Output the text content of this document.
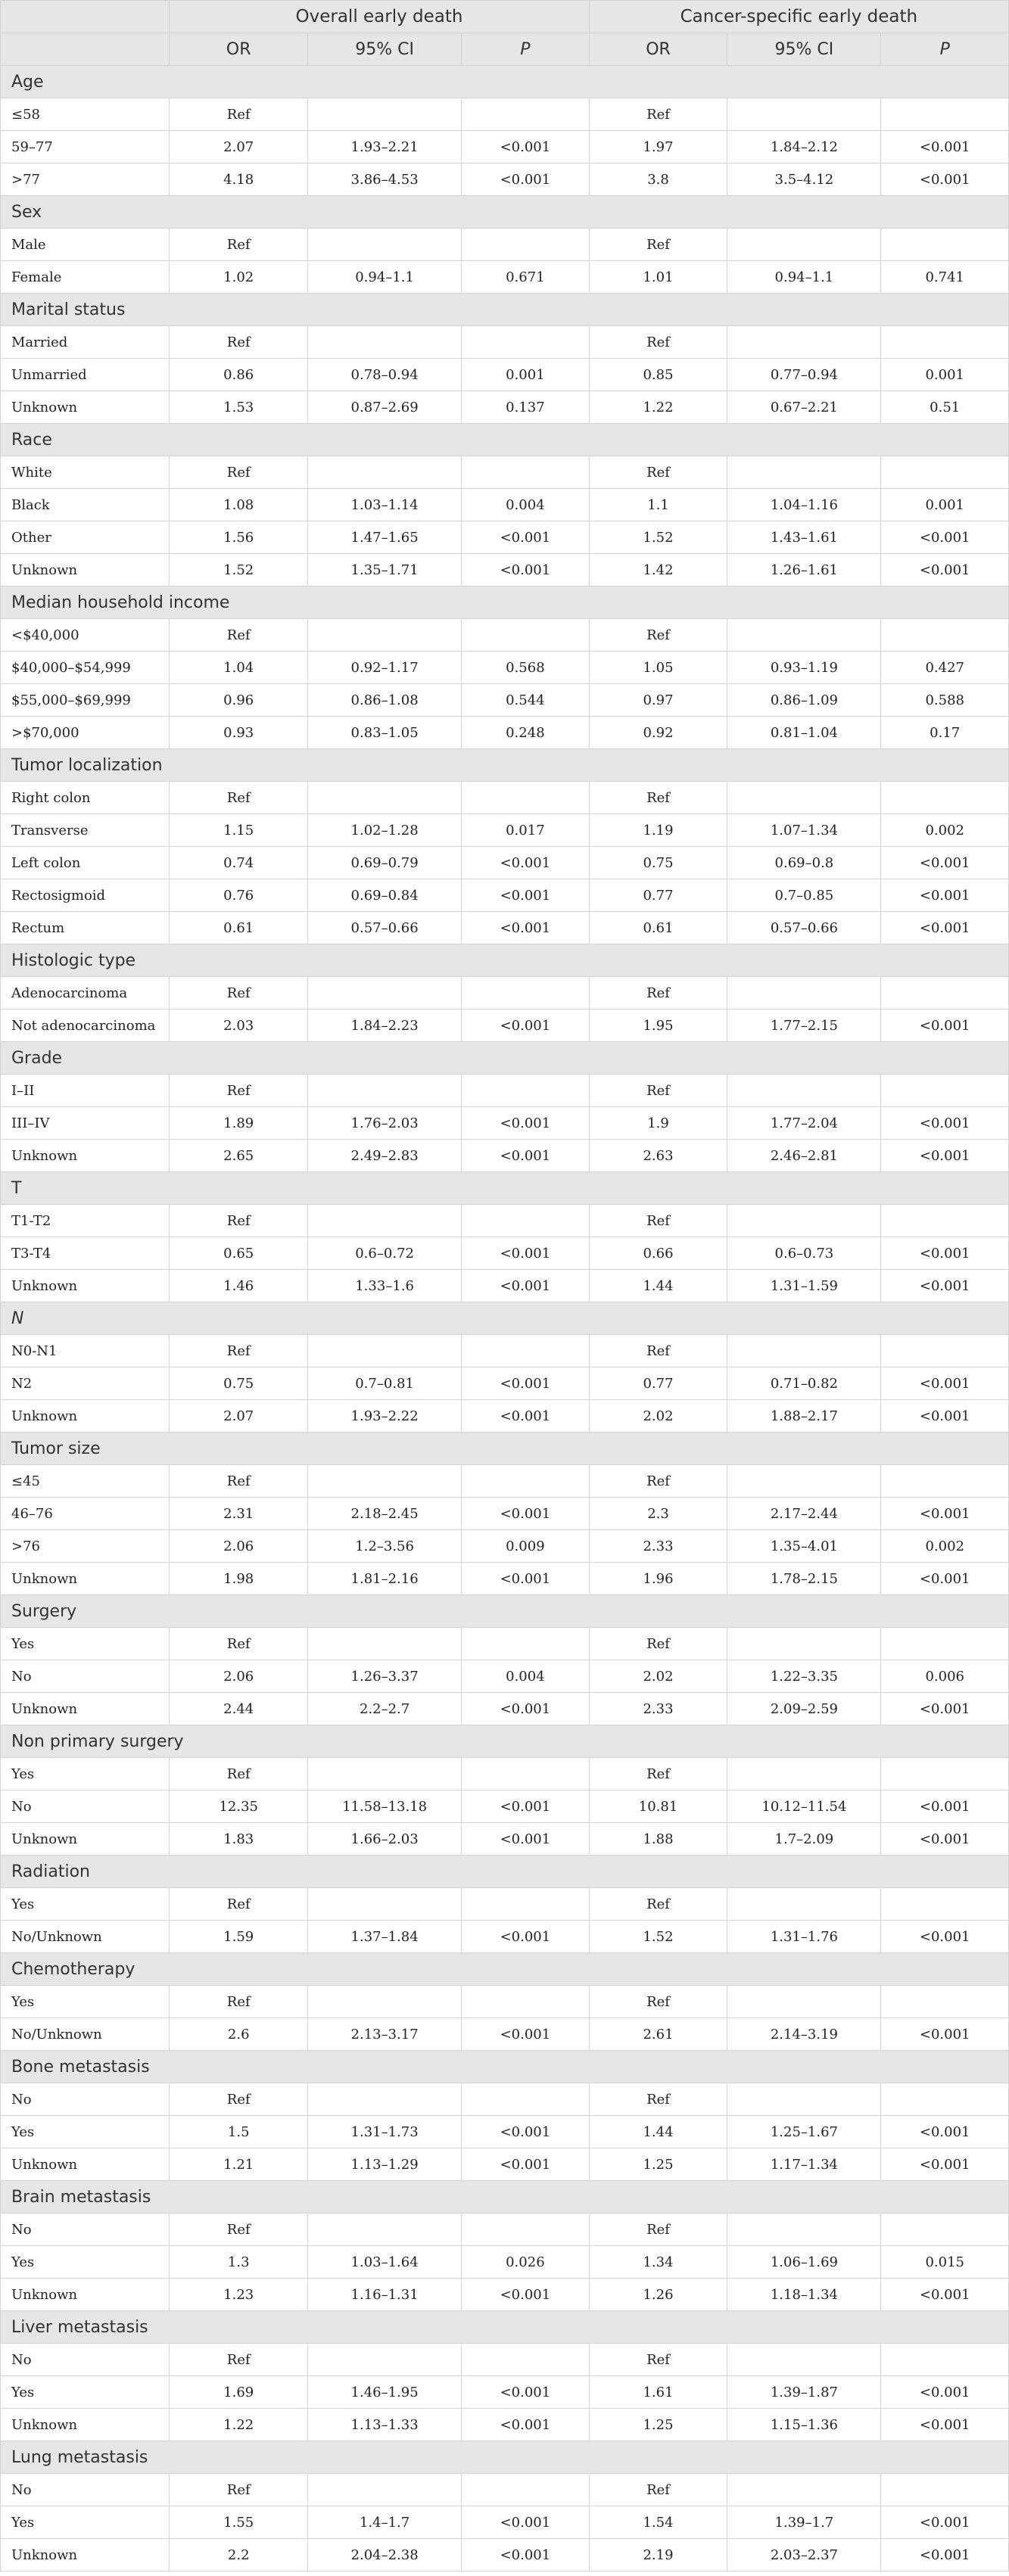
	Overall early death			Cancer-specific early death		
	OR	95% CI	P	OR	95% CI	P
Age						
≤58	Ref			Ref		
59–77	2.07	1.93–2.21	<0.001	1.97	1.84–2.12	<0.001
>77	4.18	3.86–4.53	<0.001	3.8	3.5–4.12	<0.001
Sex						
Male	Ref			Ref		
Female	1.02	0.94–1.1	0.671	1.01	0.94–1.1	0.741
Marital status						
Married	Ref			Ref		
Unmarried	0.86	0.78–0.94	0.001	0.85	0.77–0.94	0.001
Unknown	1.53	0.87–2.69	0.137	1.22	0.67–2.21	0.51
Race						
White	Ref			Ref		
Black	1.08	1.03–1.14	0.004	1.1	1.04–1.16	0.001
Other	1.56	1.47–1.65	<0.001	1.52	1.43–1.61	<0.001
Unknown	1.52	1.35–1.71	<0.001	1.42	1.26–1.61	<0.001
Median household income						
<$40,000	Ref			Ref		
$40,000–$54,999	1.04	0.92–1.17	0.568	1.05	0.93–1.19	0.427
$55,000–$69,999	0.96	0.86–1.08	0.544	0.97	0.86–1.09	0.588
>$70,000	0.93	0.83–1.05	0.248	0.92	0.81–1.04	0.17
Tumor localization						
Right colon	Ref			Ref		
Transverse	1.15	1.02–1.28	0.017	1.19	1.07–1.34	0.002
Left colon	0.74	0.69–0.79	<0.001	0.75	0.69–0.8	<0.001
Rectosigmoid	0.76	0.69–0.84	<0.001	0.77	0.7–0.85	<0.001
Rectum	0.61	0.57–0.66	<0.001	0.61	0.57–0.66	<0.001
Histologic type						
Adenocarcinoma	Ref			Ref		
Not adenocarcinoma	2.03	1.84–2.23	<0.001	1.95	1.77–2.15	<0.001
Grade						
I–II	Ref			Ref		
III–IV	1.89	1.76–2.03	<0.001	1.9	1.77–2.04	<0.001
Unknown	2.65	2.49–2.83	<0.001	2.63	2.46–2.81	<0.001
T						
T1-T2	Ref			Ref		
T3-T4	0.65	0.6–0.72	<0.001	0.66	0.6–0.73	<0.001
Unknown	1.46	1.33–1.6	<0.001	1.44	1.31–1.59	<0.001
N						
N0-N1	Ref			Ref		
N2	0.75	0.7–0.81	<0.001	0.77	0.71–0.82	<0.001
Unknown	2.07	1.93–2.22	<0.001	2.02	1.88–2.17	<0.001
Tumor size						
≤45	Ref			Ref		
46–76	2.31	2.18–2.45	<0.001	2.3	2.17–2.44	<0.001
>76	2.06	1.2–3.56	0.009	2.33	1.35–4.01	0.002
Unknown	1.98	1.81–2.16	<0.001	1.96	1.78–2.15	<0.001
Surgery						
Yes	Ref			Ref		
No	2.06	1.26–3.37	0.004	2.02	1.22–3.35	0.006
Unknown	2.44	2.2–2.7	<0.001	2.33	2.09–2.59	<0.001
Non primary surgery						
Yes	Ref			Ref		
No	12.35	11.58–13.18	<0.001	10.81	10.12–11.54	<0.001
Unknown	1.83	1.66–2.03	<0.001	1.88	1.7–2.09	<0.001
Radiation						
Yes	Ref			Ref		
No/Unknown	1.59	1.37–1.84	<0.001	1.52	1.31–1.76	<0.001
Chemotherapy						
Yes	Ref			Ref		
No/Unknown	2.6	2.13–3.17	<0.001	2.61	2.14–3.19	<0.001
Bone metastasis						
No	Ref			Ref		
Yes	1.5	1.31–1.73	<0.001	1.44	1.25–1.67	<0.001
Unknown	1.21	1.13–1.29	<0.001	1.25	1.17–1.34	<0.001
Brain metastasis						
No	Ref			Ref		
Yes	1.3	1.03–1.64	0.026	1.34	1.06–1.69	0.015
Unknown	1.23	1.16–1.31	<0.001	1.26	1.18–1.34	<0.001
Liver metastasis						
No	Ref			Ref		
Yes	1.69	1.46–1.95	<0.001	1.61	1.39–1.87	<0.001
Unknown	1.22	1.13–1.33	<0.001	1.25	1.15–1.36	<0.001
Lung metastasis						
No	Ref			Ref		
Yes	1.55	1.4–1.7	<0.001	1.54	1.39–1.7	<0.001
Unknown	2.2	2.04–2.38	<0.001	2.19	2.03–2.37	<0.001
